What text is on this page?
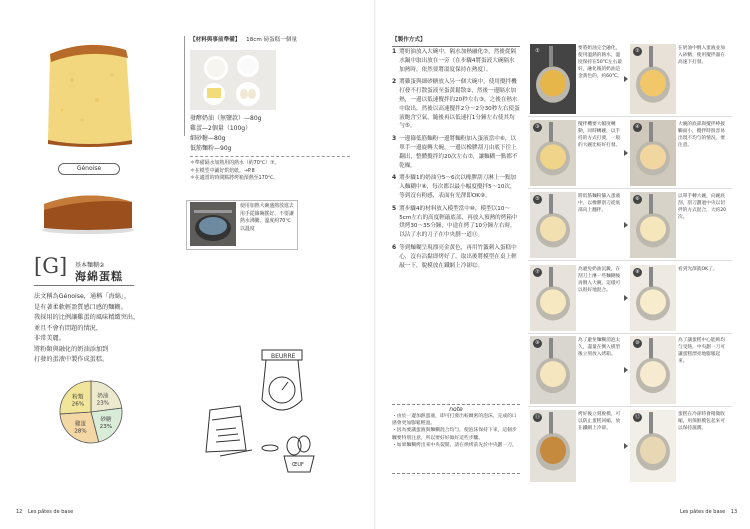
Génoise
[G] 基本麵糊②
海綿蛋糕
法文稱為Génoise，通稱「海綿」，
是有著柔軟輕盈質感口感的麵糊。
我採用的比例讓雞蛋的風味精緻突出，
並且不會有問題的情況，
非常美麗。
將粉類與融化的奶油添加到
打發的蛋液中製作成蛋糕。
奶油
23%
砂糖
23%
雞蛋
28%
粉類
26%
12 Les pâtes de base
【材料與事前準備】 18cm 磅蛋糕一個量
發酵奶油（無鹽款）—80g
雞蛋—2個量（100g）
細砂糖—80g
低筋麵粉—90g
＊準備隔水加熱用的熱水（約70℃）⑦。
＊在模型中鋪好烘焙紙。→P.8
＊在適當的時間點將烤箱預熱至170℃。
使用加熱大碗盛熱放進去用手從篩碗搖好，不要讓熱水沸騰，溫度約70℃以溫度
BEURRE
ŒUF
【製作方式】
1 將奶油放入大碗中，隔水加熱融化⑦，然後從隔水鍋中取出放在一旁（在步驟4將蛋液大碗隔水加熱時，依然要將溫度保持在熱度）。
2 將雞蛋與細砂糖放入另一個大碗中，使用攪拌機打發不打散蛋液至蛋黃鬆散②，然後一邊隔水加熱，一邊以低速攪拌約20秒左右③，之後在熱水中取出，然後以高速攪拌2分～2分30秒左右使蛋液飽含空氣，隨後再以低速打1分鐘左右使其均勻⑤。
3 一邊篩低筋麵粉一邊將麵粉加入蛋液當中⑥，以單手一邊旋轉大碗，一邊以橡膠刮刀由底下往上翻出，整體攪拌約20次左右⑦，讓麵糊一點都不乾燥。
4 將步驟1的奶油分5～6次以橡膠刮刀淋上一點加入麵糊中⑧，每次都以最小幅度攪拌5～10次，等到沒有粉感，表面有光澤即OK⑨。
5 將步驟4的材料放入模型當中⑩，模型以10～5cm左右的高度輕敲底部，再放入預熱的烤箱中烘烤30～35分鐘，中途在烤了10分鐘左右時，以沾了水的刀子在中央劃一道⑪。
6 等到麵糊呈現漂亮金黃色，再用竹籤刺入蛋糕中心，沒有沾黏即烤好了，取出後將模型在桌上輕敲一下，脫模放在鐵網上冷卻⑫。
note
・由於一邊加熱蛋液，即可打發出較緻密的泡沫，完成的口感會更加膨鬆輕盈。
・因為要讓蛋液與麵糊混合均勻，使泡沫保持下來，這個步驟要特別注意，所以要好好做好這些步驟。
・如果麵糊烤出來中央裂開，請在烘烤前先於中央劃一刀。
①	要將奶油完全融化，使用溫熱的熱水，溫度保持在50℃左右最好，融化後的奶油是金黃色的，約60℃。
②	在奶油中倒入蛋液並加入砂糖，使用攪拌器在高速下打發。
③	攪拌機要大幅度轉動，同時轉碗，以手持的方式打發，一般的大碗比較好打發。
④	大碗的底部與攪拌棒接觸面小，攪拌時很容易出現不均勻的情況，要注意。
⑤	將低筋麵粉篩入蛋液中，以橡膠刮刀從底部向上翻拌。
⑥	以單手轉大碗，向碗底刮，刮刀劃過中央以切拌的方式混合，大約20次。
⑦	為避免奶油沉澱，在刮刀上淋一些麵糊後再倒入大碗，這樣可以很好地混合。
⑧	看到光澤就OK了。
⑨	為了避免麵糊消泡太久，盡量在倒入模型後立刻放入烤箱。
⑩	為了讓蛋糕中心能夠均勻受熱，中央劃一刀可讓蛋糕漂亮地膨脹起來。
⑪	烤好後立刻脫模，可以防止蛋糕回縮，放在鐵網上冷卻。
⑫	蛋糕在冷卻時會稍微收縮，用保鮮膜包起來可以保持濕潤。
Les pâtes de base 13
